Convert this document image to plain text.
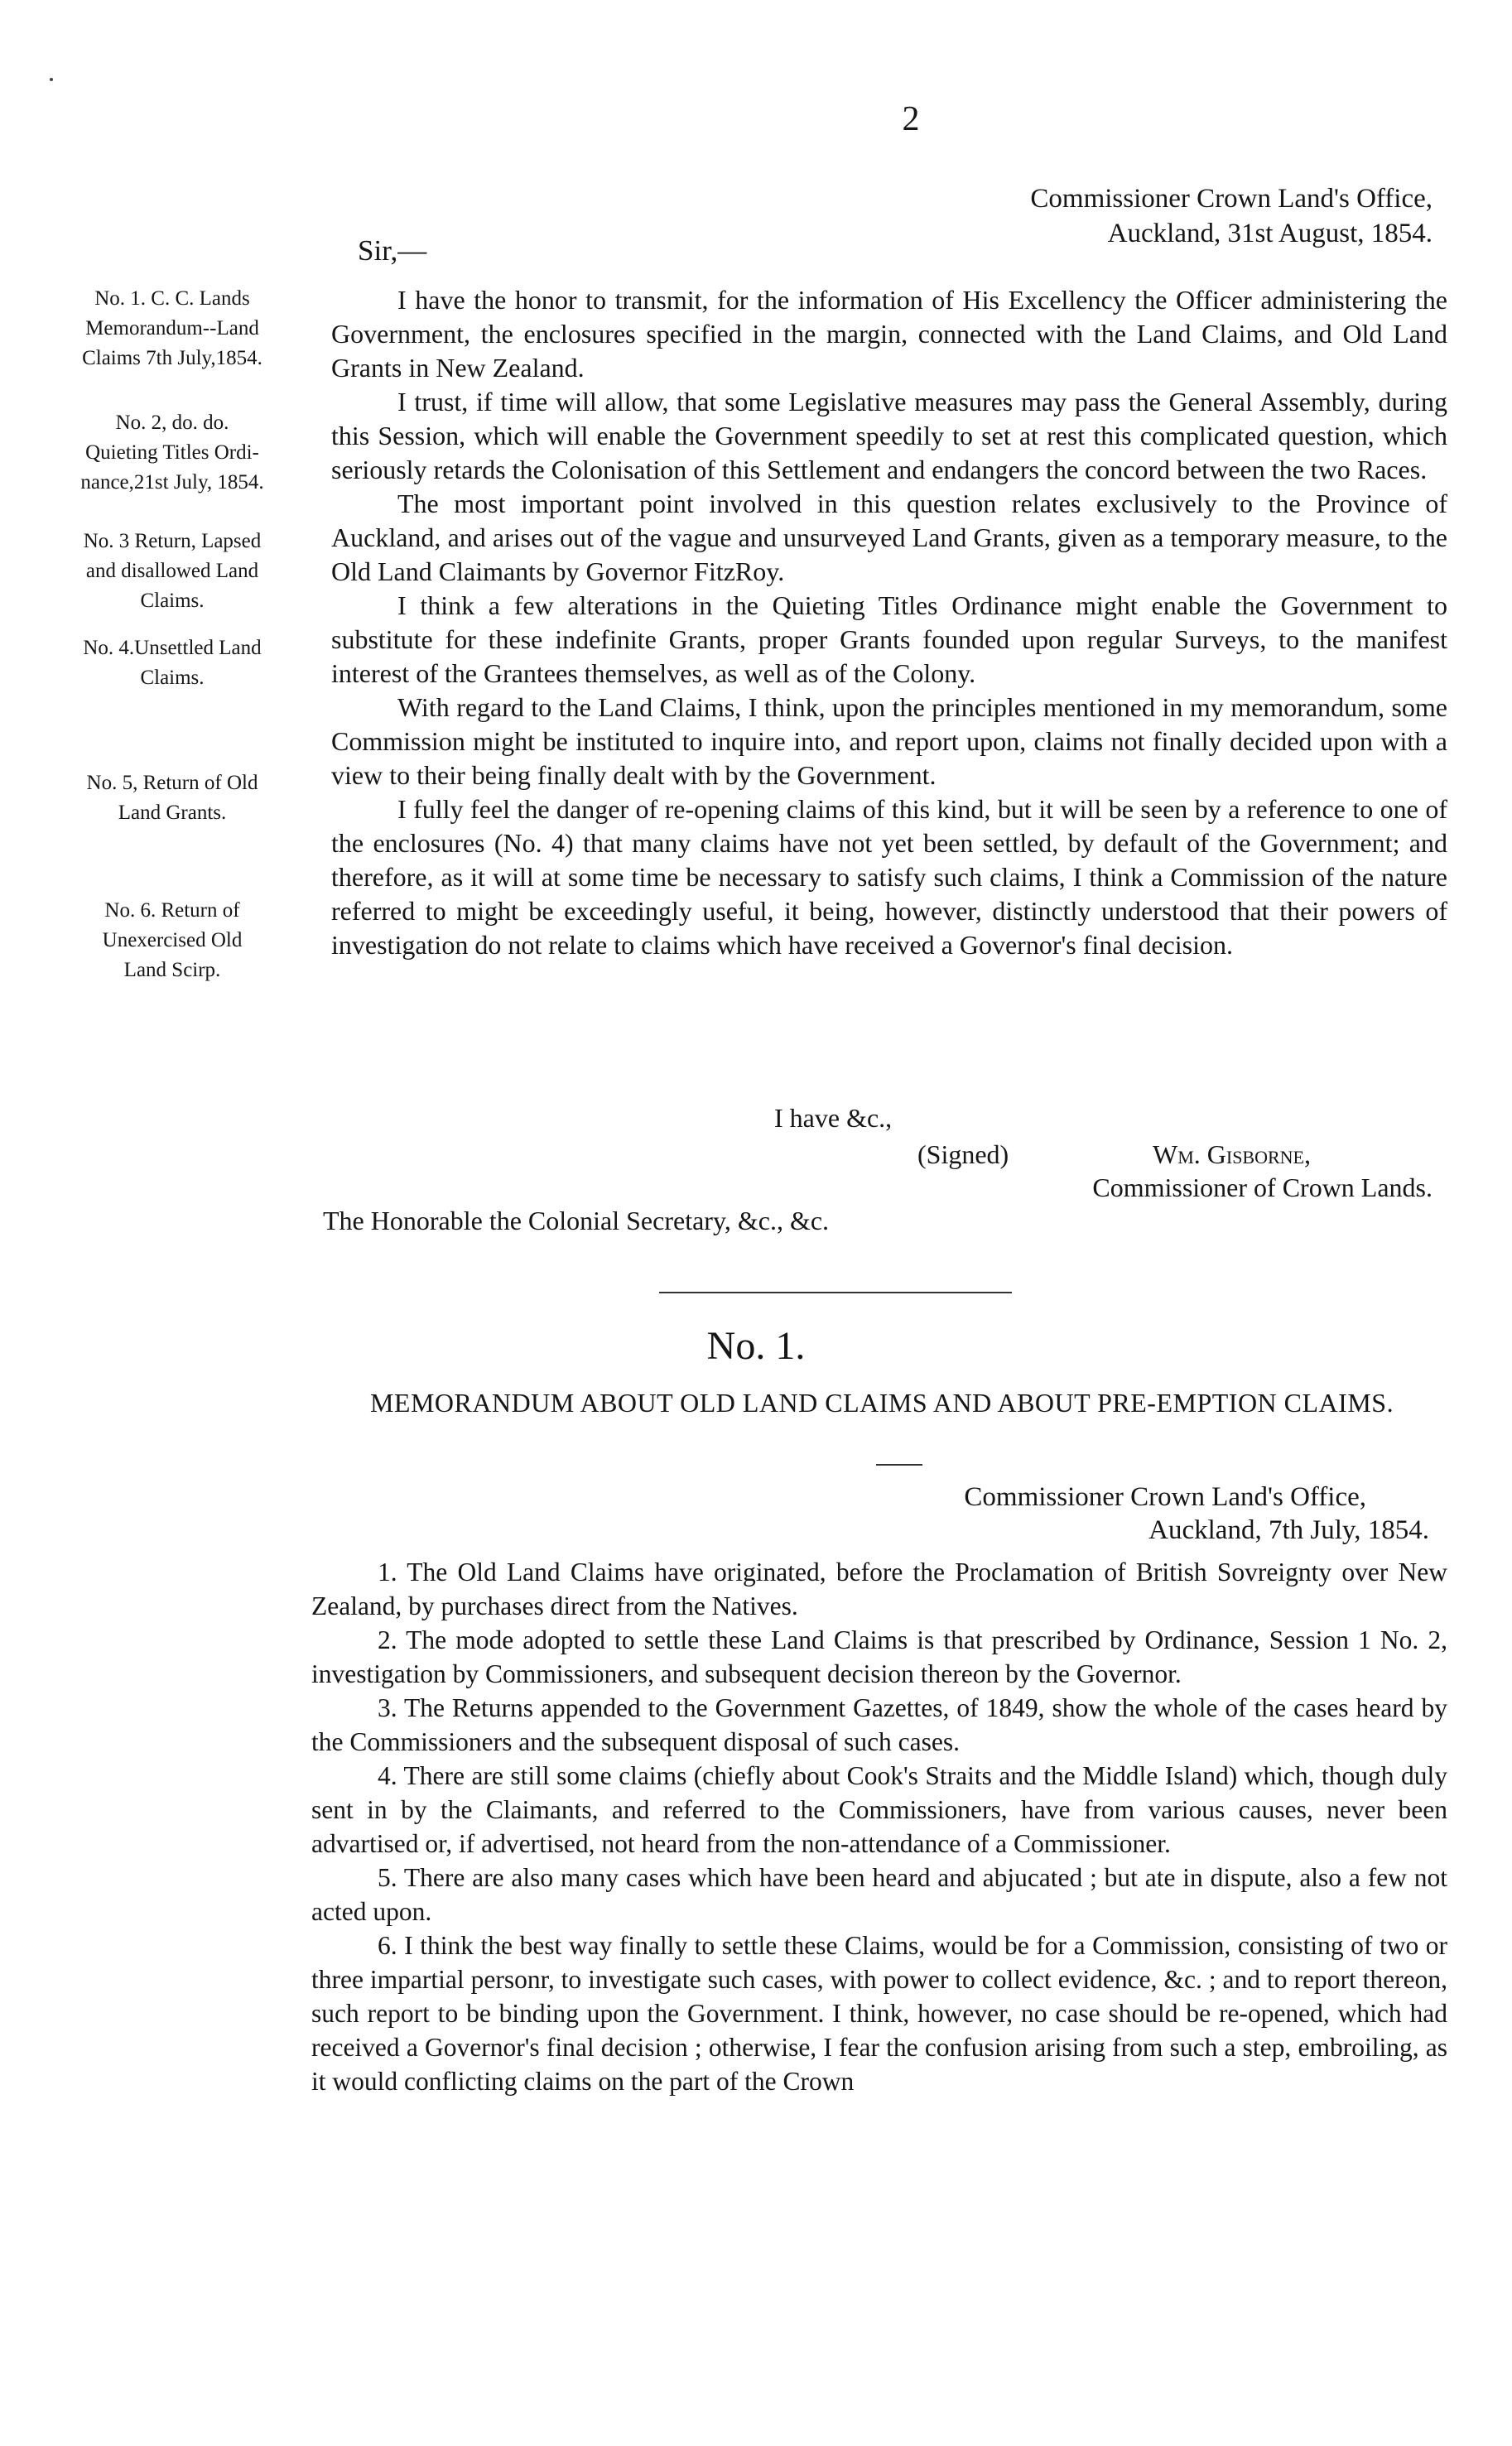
2
Commissioner Crown Land's Office,
Auckland, 31st August, 1854.
Sir,—
No. 1. C. C. Lands
Memorandum--Land
Claims 7th July,1854.
No. 2, do. do.
Quieting Titles Ordi-
nance,21st July, 1854.
No. 3 Return, Lapsed
and disallowed Land
Claims.
No. 4.Unsettled Land
Claims.
No. 5, Return of Old
Land Grants.
No. 6. Return of
Unexercised Old
Land Scirp.

I have the honor to transmit, for the information of His Excellency the Officer administering the Government, the enclosures specified in the margin, connected with the Land Claims, and Old Land Grants in New Zealand.

I trust, if time will allow, that some Legislative measures may pass the General Assembly, during this Session, which will enable the Government speedily to set at rest this complicated question, which seriously retards the Colonisation of this Settlement and endangers the concord between the two Races.

The most important point involved in this question relates exclusively to the Province of Auckland, and arises out of the vague and unsurveyed Land Grants, given as a temporary measure, to the Old Land Claimants by Governor FitzRoy.

I think a few alterations in the Quieting Titles Ordinance might enable the Government to substitute for these indefinite Grants, proper Grants founded upon regular Surveys, to the manifest interest of the Grantees themselves, as well as of the Colony.

With regard to the Land Claims, I think, upon the principles mentioned in my memorandum, some Commission might be instituted to inquire into, and report upon, claims not finally decided upon with a view to their being finally dealt with by the Government.

I fully feel the danger of re-opening claims of this kind, but it will be seen by a reference to one of the enclosures (No. 4) that many claims have not yet been settled, by default of the Government; and therefore, as it will at some time be necessary to satisfy such claims, I think a Commission of the nature referred to might be exceedingly useful, it being, however, distinctly understood that their powers of investigation do not relate to claims which have received a Governor's final decision.

I have &c.,
(Signed)	Wm. Gisborne,
Commissioner of Crown Lands.
The Honorable the Colonial Secretary, &c., &c.
No. 1.
MEMORANDUM ABOUT OLD LAND CLAIMS AND ABOUT PRE-EMPTION CLAIMS.
Commissioner Crown Land's Office,
Auckland, 7th July, 1854.

1. The Old Land Claims have originated, before the Proclamation of British Sovreignty over New Zealand, by purchases direct from the Natives.

2. The mode adopted to settle these Land Claims is that prescribed by Ordinance, Session 1 No. 2, investigation by Commissioners, and subsequent decision thereon by the Governor.

3. The Returns appended to the Government Gazettes, of 1849, show the whole of the cases heard by the Commissioners and the subsequent disposal of such cases.

4. There are still some claims (chiefly about Cook's Straits and the Middle Island) which, though duly sent in by the Claimants, and referred to the Commissioners, have from various causes, never been advartised or, if advertised, not heard from the non-attendance of a Commissioner.

5. There are also many cases which have been heard and abjucated ; but ate in dispute, also a few not acted upon.

6. I think the best way finally to settle these Claims, would be for a Commission, consisting of two or three impartial personr, to investigate such cases, with power to collect evidence, &c. ; and to report thereon, such report to be binding upon the Government. I think, however, no case should be re-opened, which had received a Governor's final decision ; otherwise, I fear the confusion arising from such a step, embroiling, as it would conflicting claims on the part of the Crown
